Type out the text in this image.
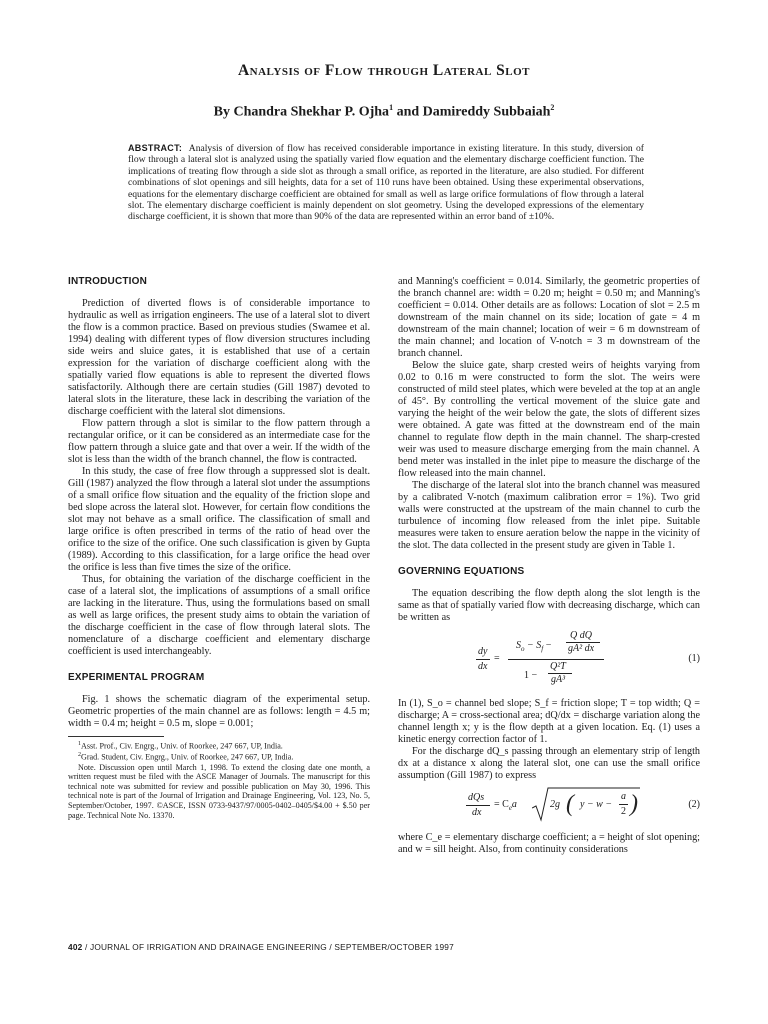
Analysis of Flow through Lateral Slot
By Chandra Shekhar P. Ojha$^1$ and Damireddy Subbaiah$^2$
ABSTRACT: Analysis of diversion of flow has received considerable importance in existing literature. In this study, diversion of flow through a lateral slot is analyzed using the spatially varied flow equation and the elementary discharge coefficient function. The implications of treating flow through a side slot as through a small orifice, as reported in the literature, are also studied. For different combinations of slot openings and sill heights, data for a set of 110 runs have been obtained. Using these experimental observations, equations for the elementary discharge coefficient are obtained for small as well as large orifice formulations of flow through a lateral slot. The elementary discharge coefficient is mainly dependent on slot geometry. Using the developed expressions of the elementary discharge coefficient, it is shown that more than 90% of the data are represented within an error band of ±10%.
INTRODUCTION

Prediction of diverted flows is of considerable importance to hydraulic as well as irrigation engineers. The use of a lateral slot to divert the flow is a common practice. Based on previous studies (Swamee et al. 1994) dealing with different types of flow diversion structures including side weirs and sluice gates, it is established that use of a certain expression for the variation of discharge coefficient along with the spatially varied flow equations is able to represent the diverted flows satisfactorily. Although there are certain studies (Gill 1987) devoted to lateral slots in the literature, these lack in describing the variation of the discharge coefficient with the lateral slot dimensions.

Flow pattern through a slot is similar to the flow pattern through a rectangular orifice, or it can be considered as an intermediate case for the flow pattern through a sluice gate and that over a weir. If the width of the slot is less than the width of the branch channel, the flow is contracted.

In this study, the case of free flow through a suppressed slot is dealt. Gill (1987) analyzed the flow through a lateral slot under the assumptions of a small orifice flow situation and the equality of the friction slope and bed slope across the lateral slot. However, for certain flow conditions the slot may not behave as a small orifice. The classification of small and large orifice is often prescribed in terms of the ratio of head over the orifice to the size of the orifice. One such classification is given by Gupta (1989). According to this classification, for a large orifice the head over the orifice is less than five times the size of the orifice.

Thus, for obtaining the variation of the discharge coefficient in the case of a lateral slot, the implications of assumptions of a small orifice are lacking in the literature. Thus, using the formulations based on small as well as large orifices, the present study aims to obtain the variation of the discharge coefficient in the case of flow through lateral slots. The nomenclature of a discharge coefficient and elementary discharge coefficient is used interchangeably.

EXPERIMENTAL PROGRAM

Fig. 1 shows the schematic diagram of the experimental setup. Geometric properties of the main channel are as follows: length = 4.5 m; width = 0.4 m; height = 0.5 m, slope = 0.001;

$^1$Asst. Prof., Civ. Engrg., Univ. of Roorkee, 247 667, UP, India.

$^2$Grad. Student, Civ. Engrg., Univ. of Roorkee, 247 667, UP, India.

Note. Discussion open until March 1, 1998. To extend the closing date one month, a written request must be filed with the ASCE Manager of Journals. The manuscript for this technical note was submitted for review and possible publication on May 30, 1996. This technical note is part of the Journal of Irrigation and Drainage Engineering, Vol. 123, No. 5, September/October, 1997. ©ASCE, ISSN 0733-9437/97/0005-0402–0405/$4.00 + $.50 per page. Technical Note No. 13370.

and Manning's coefficient = 0.014. Similarly, the geometric properties of the branch channel are: width = 0.20 m; height = 0.50 m; and Manning's coefficient = 0.014. Other details are as follows: Location of slot = 2.5 m downstream of the main channel on its side; location of gate = 4 m downstream of the main channel; location of weir = 6 m downstream of the main channel; and location of V-notch = 3 m downstream of the branch channel.

Below the sluice gate, sharp crested weirs of heights varying from 0.02 to 0.16 m were constructed to form the slot. The weirs were constructed of mild steel plates, which were beveled at the top at an angle of 45°. By controlling the vertical movement of the sluice gate and varying the height of the weir below the gate, the slots of different sizes were obtained. A gate was fitted at the downstream end of the main channel to regulate flow depth in the main channel. The sharp-crested weir was used to measure discharge emerging from the main channel. A bend meter was installed in the inlet pipe to measure the discharge of the flow released into the main channel.

The discharge of the lateral slot into the branch channel was measured by a calibrated V-notch (maximum calibration error = 1%). Two grid walls were constructed at the upstream of the main channel to curb the turbulence of incoming flow released from the inlet pipe. Suitable measures were taken to ensure aeration below the nappe in the vicinity of the slot. The data collected in the present study are given in Table 1.

GOVERNING EQUATIONS

The equation describing the flow depth along the slot length is the same as that of spatially varied flow with decreasing discharge, which can be written as

dy
dx
=
$S_o - S_f$ −
Q dQ
gA² dx
1 −
Q²T
gA³
(1)

In (1), S_o = channel bed slope; S_f = friction slope; T = top width; Q = discharge; A = cross-sectional area; dQ/dx = discharge variation along the channel length x; y is the flow depth at a given location. Eq. (1) uses a kinetic energy correction factor of 1.

For the discharge dQ_s passing through an elementary strip of length dx at a distance x along the lateral slot, one can use the small orifice assumption (Gill 1987) to express

dQs
dx
= $C_ea$ ( )
2g y − w −
a
2
(2)

where C_e = elementary discharge coefficient; a = height of slot opening; and w = sill height. Also, from continuity considerations

402 / JOURNAL OF IRRIGATION AND DRAINAGE ENGINEERING / SEPTEMBER/OCTOBER 1997
